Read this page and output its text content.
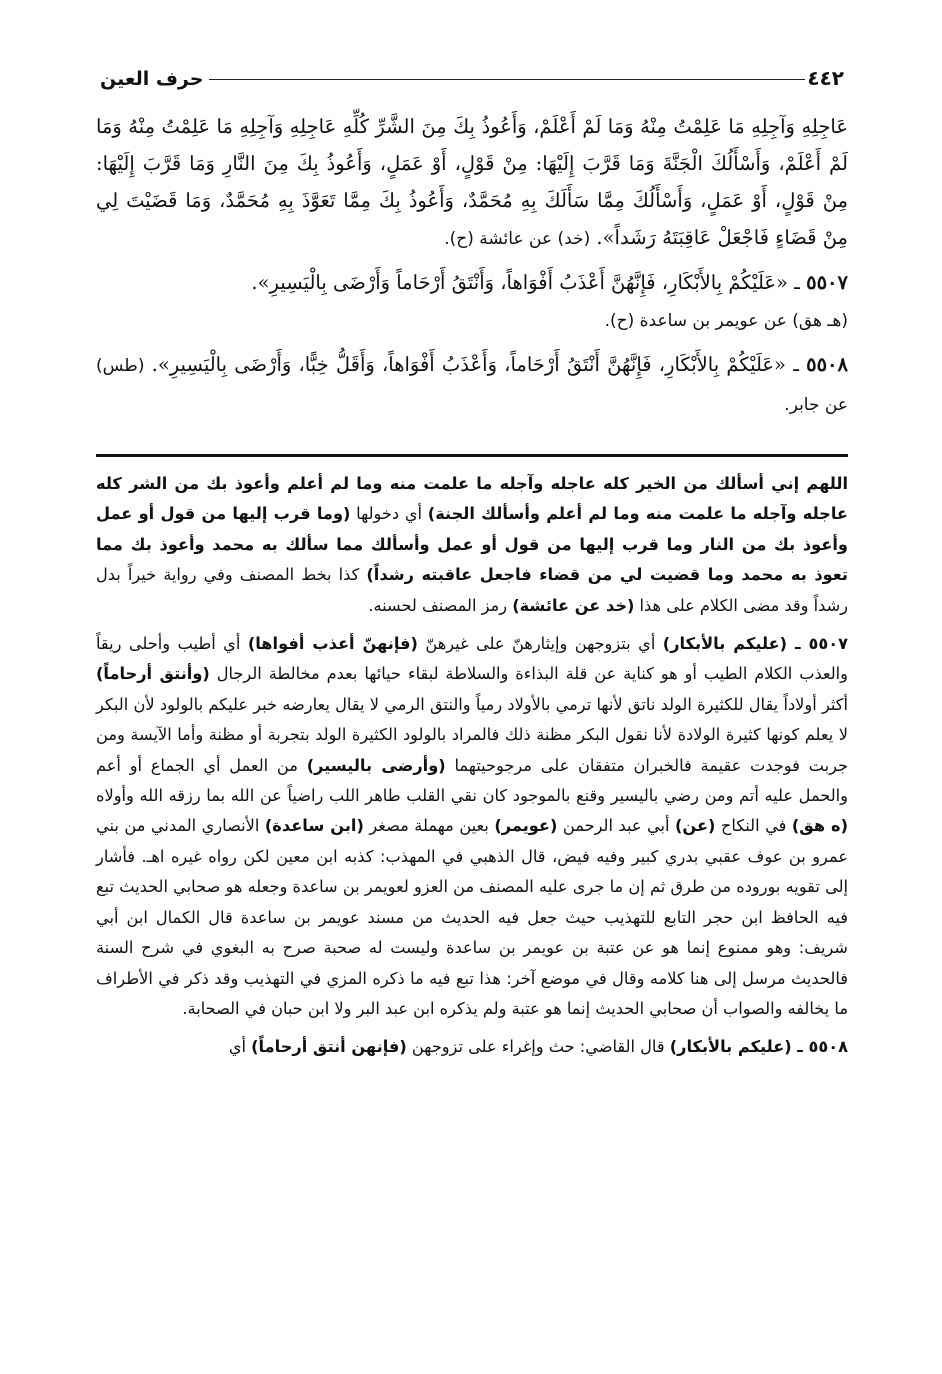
٤٤٢
حرف العين

عَاجِلِهِ وَآجِلِهِ مَا عَلِمْتُ مِنْهُ وَمَا لَمْ أَعْلَمْ، وَأَعُوذُ بِكَ مِنَ الشَّرِّ كُلِّهِ عَاجِلِهِ وَآجِلِهِ مَا عَلِمْتُ مِنْهُ وَمَا لَمْ أَعْلَمْ، وَأَسْأَلُكَ الْجَنَّةَ وَمَا قَرَّبَ إِلَيْهَا: مِنْ قَوْلٍ، أَوْ عَمَلٍ، وَأَعُوذُ بِكَ مِنَ النَّارِ وَمَا قَرَّبَ إِلَيْهَا: مِنْ قَوْلٍ، أَوْ عَمَلٍ، وَأَسْأَلُكَ مِمَّا سَأَلَكَ بِهِ مُحَمَّدٌ، وَأَعُوذُ بِكَ مِمَّا تَعَوَّذَ بِهِ مُحَمَّدٌ، وَمَا قَضَيْتَ لِي مِنْ قَضَاءٍ فَاجْعَلْ عَاقِبَتَهُ رَشَداً». (خد) عن عائشة (ح).

٥٥٠٧ ـ «عَلَيْكُمْ بِالأَبْكَارِ، فَإِنَّهُنَّ أَعْذَبُ أَفْوَاهاً، وَأَنْتَقُ أَرْحَاماً وَأَرْضَى بِالْيَسِيرِ».
(هـ هق) عن عويمر بن ساعدة (ح).

٥٥٠٨ ـ «عَلَيْكُمْ بِالأَبْكَارِ، فَإِنَّهُنَّ أَنْتَقُ أَرْحَاماً، وَأَعْذَبُ أَفْوَاهاً، وَأَقَلُّ خِبًّا، وَأَرْضَى بِالْيَسِيرِ». (طس) عن جابر.

اللهم إني أسألك من الخير كله عاجله وآجله ما علمت منه وما لم أعلم وأعوذ بك من الشر كله عاجله وآجله ما علمت منه وما لم أعلم وأسألك الجنة) أي دخولها (وما قرب إليها من قول أو عمل وأعوذ بك من النار وما قرب إليها من قول أو عمل وأسألك مما سألك به محمد وأعوذ بك مما تعوذ به محمد وما قضيت لي من قضاء فاجعل عاقبته رشداً) كذا بخط المصنف وفي رواية خيراً بدل رشداً وقد مضى الكلام على هذا (خد عن عائشة) رمز المصنف لحسنه.

٥٥٠٧ ـ (عليكم بالأبكار) أي بتزوجهن وإيثارهنّ على غيرهنّ (فإنهنّ أعذب أفواها) أي أطيب وأحلى ريقاً والعذب الكلام الطيب أو هو كناية عن قلة البذاءة والسلاطة لبقاء حيائها بعدم مخالطة الرجال (وأنتق أرحاماً) أكثر أولاداً يقال للكثيرة الولد ناتق لأنها ترمي بالأولاد رمياً والنتق الرمي لا يقال يعارضه خبر عليكم بالولود لأن البكر لا يعلم كونها كثيرة الولادة لأنا نقول البكر مظنة ذلك فالمراد بالولود الكثيرة الولد بتجربة أو مظنة وأما الآيسة ومن جربت فوجدت عقيمة فالخبران متفقان على مرجوحيتهما (وأرضى باليسير) من العمل أي الجماع أو أعم والحمل عليه أتم ومن رضي باليسير وقنع بالموجود كان نقي القلب طاهر اللب راضياً عن الله بما رزقه الله وأولاه (ه هق) في النكاح (عن) أبي عبد الرحمن (عويمر) بعين مهملة مصغر (ابن ساعدة) الأنصاري المدني من بني عمرو بن عوف عقبي بدري كبير وفيه فيض، قال الذهبي في المهذب: كذبه ابن معين لكن رواه غيره اهـ. فأشار إلى تقويه بوروده من طرق ثم إن ما جرى عليه المصنف من العزو لعويمر بن ساعدة وجعله هو صحابي الحديث تبع فيه الحافظ ابن حجر التابع للتهذيب حيث جعل فيه الحديث من مسند عويمر بن ساعدة قال الكمال ابن أبي شريف: وهو ممنوع إنما هو عن عتبة بن عويمر بن ساعدة وليست له صحبة صرح به البغوي في شرح السنة فالحديث مرسل إلى هنا كلامه وقال في موضع آخر: هذا تبع فيه ما ذكره المزي في التهذيب وقد ذكر في الأطراف ما يخالفه والصواب أن صحابي الحديث إنما هو عتبة ولم يذكره ابن عبد البر ولا ابن حبان في الصحابة.

٥٥٠٨ ـ (عليكم بالأبكار) قال القاضي: حث وإغراء على تزوجهن (فإنهن أنتق أرحاماً) أي
